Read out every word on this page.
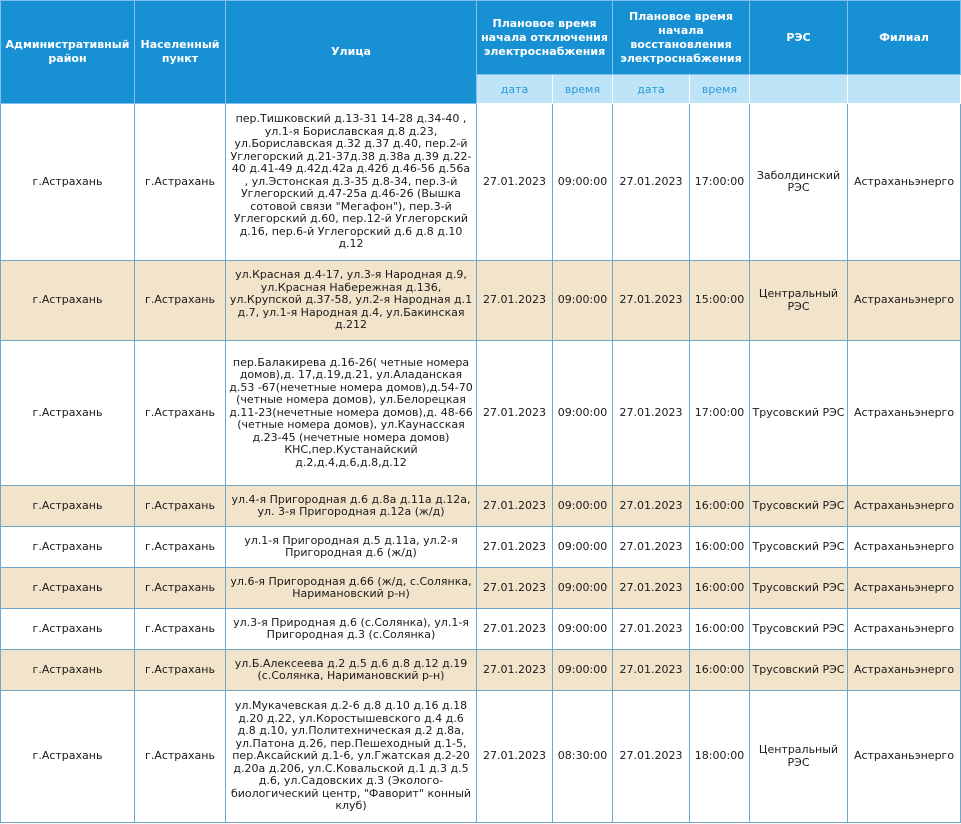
Административный район	Населенный пункт	Улица	Плановое время начала отключения электроснабжения		Плановое время начала восстановления электроснабжения		РЭС	Филиал
			дата	время	дата	время		
г.Астрахань	г.Астрахань	пер.Тишковский д.13-31 14-28 д.34-40 , ул.1-я Бориславская д.8 д.23, ул.Бориславская д.32 д.37 д.40, пер.2-й Углегорский д.21-37д.38 д.38а д.39 д.22-40 д.41-49 д.42д.42а д.42б д.46-56 д.56а , ул.Эстонская д.3-35 д.8-34, пер.3-й Углегорский д.47-25а д.46-26 (Вышка сотовой связи "Мегафон"), пер.3-й Углегорский д.60, пер.12-й Углегорский д.16, пер.6-й Углегорский д.6 д.8 д.10 д.12	27.01.2023	09:00:00	27.01.2023	17:00:00	Заболдинский РЭС	Астраханьэнерго
г.Астрахань	г.Астрахань	ул.Красная д.4-17, ул.3-я Народная д.9, ул.Красная Набережная д.136, ул.Крупской д.37-58, ул.2-я Народная д.1 д.7, ул.1-я Народная д.4, ул.Бакинская д.212	27.01.2023	09:00:00	27.01.2023	15:00:00	Центральный РЭС	Астраханьэнерго
г.Астрахань	г.Астрахань	пер.Балакирева д.16-26( четные номера домов),д. 17,д.19,д.21, ул.Аладанская д.53 -67(нечетные номера домов),д.54-70 (четные номера домов), ул.Белорецкая д.11-23(нечетные номера домов),д. 48-66 (четные номера домов), ул.Каунасская д.23-45 (нечетные номера домов) КНС,пер.Кустанайский д.2,д.4,д.6,д.8,д.12	27.01.2023	09:00:00	27.01.2023	17:00:00	Трусовский РЭС	Астраханьэнерго
г.Астрахань	г.Астрахань	ул.4-я Пригородная д.6 д.8а д.11а д.12а, ул. 3-я Пригородная д.12а (ж/д)	27.01.2023	09:00:00	27.01.2023	16:00:00	Трусовский РЭС	Астраханьэнерго
г.Астрахань	г.Астрахань	ул.1-я Пригородная д.5 д.11а, ул.2-я Пригородная д.6 (ж/д)	27.01.2023	09:00:00	27.01.2023	16:00:00	Трусовский РЭС	Астраханьэнерго
г.Астрахань	г.Астрахань	ул.6-я Пригородная д.66 (ж/д, с.Солянка, Наримановский р-н)	27.01.2023	09:00:00	27.01.2023	16:00:00	Трусовский РЭС	Астраханьэнерго
г.Астрахань	г.Астрахань	ул.3-я Природная д.6 (с.Солянка), ул.1-я Пригородная д.3 (с.Солянка)	27.01.2023	09:00:00	27.01.2023	16:00:00	Трусовский РЭС	Астраханьэнерго
г.Астрахань	г.Астрахань	ул.Б.Алексеева д.2 д.5 д.6 д.8 д.12 д.19 (с.Солянка, Наримановский р-н)	27.01.2023	09:00:00	27.01.2023	16:00:00	Трусовский РЭС	Астраханьэнерго
г.Астрахань	г.Астрахань	ул.Мукачевская д.2-6 д.8 д.10 д.16 д.18 д.20 д.22, ул.Коростышевского д.4 д.6 д.8 д.10, ул.Политехническая д.2 д.8а, ул.Патона д.26, пер.Пешеходный д.1-5, пер.Аксайский д.1-6, ул.Гжатская д.2-20 д.20а д.206, ул.С.Ковальской д.1 д.3 д.5 д.6, ул.Садовских д.3 (Эколого-биологический центр, "Фаворит" конный клуб)	27.01.2023	08:30:00	27.01.2023	18:00:00	Центральный РЭС	Астраханьэнерго
